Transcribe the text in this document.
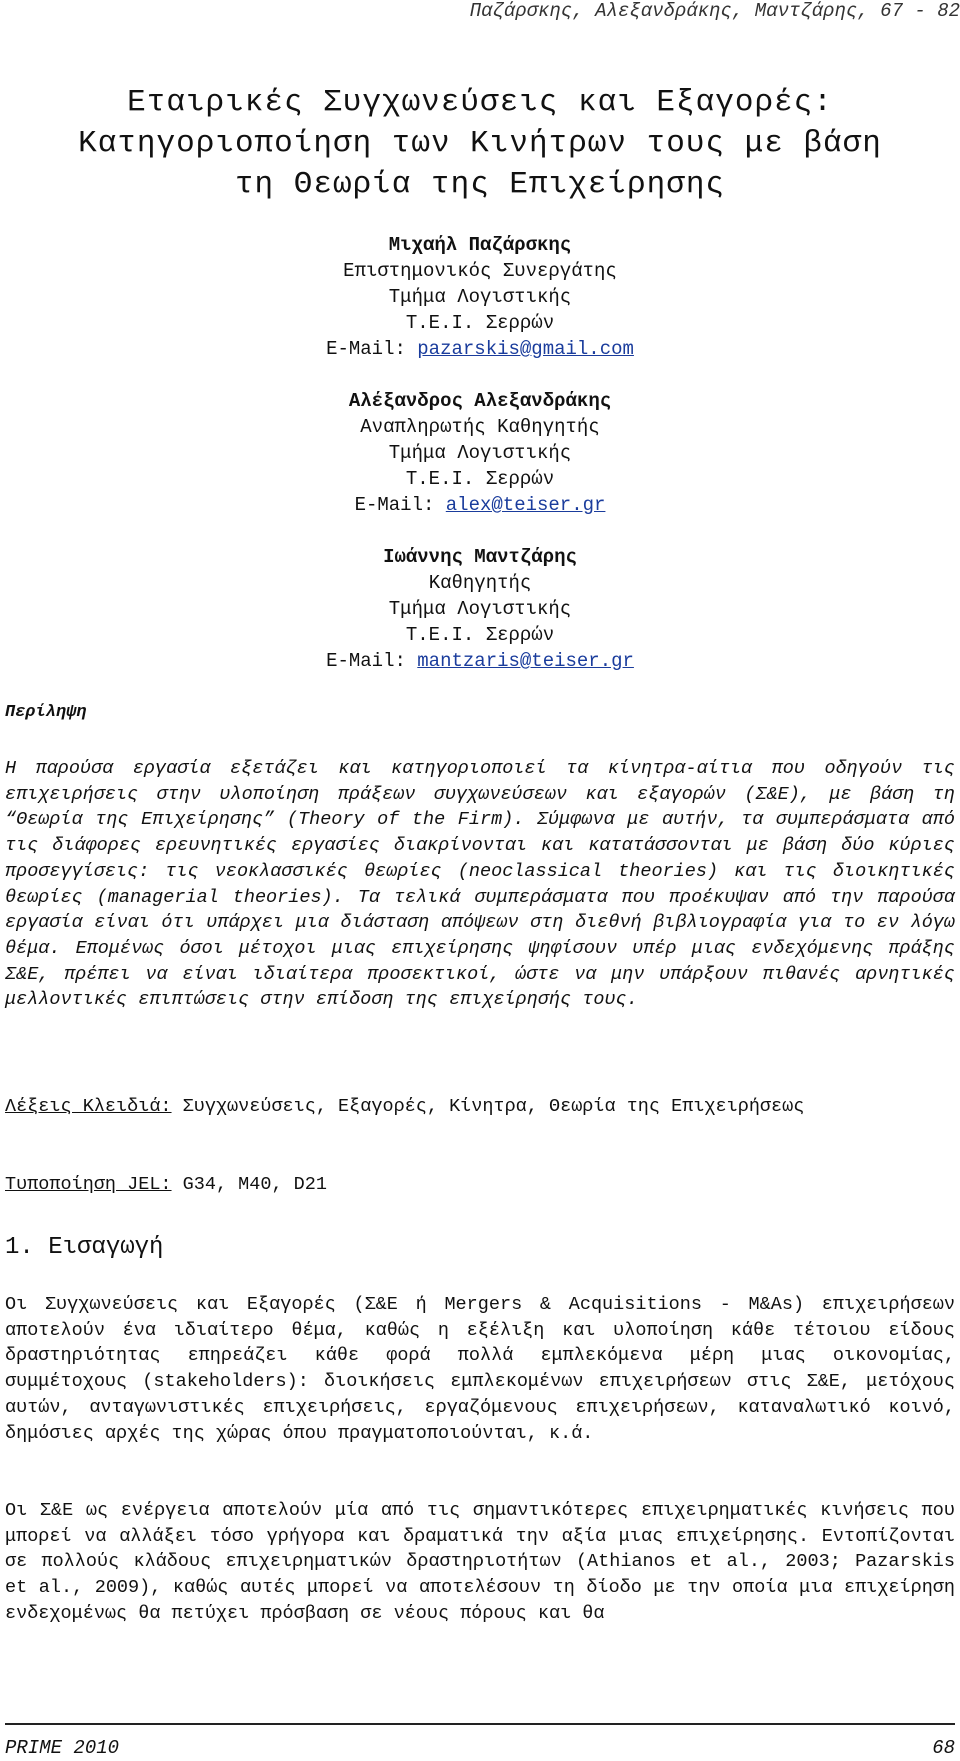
Παζάρσκης, Αλεξανδράκης, Μαντζάρης, 67 - 82
Εταιρικές Συγχωνεύσεις και Εξαγορές:
Κατηγοριοποίηση των Κινήτρων τους με βάση
τη Θεωρία της Επιχείρησης
Μιχαήλ Παζάρσκης
Επιστημονικός Συνεργάτης
Τμήμα Λογιστικής
Τ.Ε.Ι. Σερρών
E-Mail: pazarskis@gmail.com
Αλέξανδρος Αλεξανδράκης
Αναπληρωτής Καθηγητής
Τμήμα Λογιστικής
Τ.Ε.Ι. Σερρών
E-Mail: alex@teiser.gr
Ιωάννης Μαντζάρης
Καθηγητής
Τμήμα Λογιστικής
Τ.Ε.Ι. Σερρών
E-Mail: mantzaris@teiser.gr
Περίληψη
Η παρούσα εργασία εξετάζει και κατηγοριοποιεί τα κίνητρα-αίτια που οδηγούν τις επιχειρήσεις στην υλοποίηση πράξεων συγχωνεύσεων και εξαγορών (Σ&Ε), με βάση τη “Θεωρία της Επιχείρησης” (Theory of the Firm). Σύμφωνα με αυτήν, τα συμπεράσματα από τις διάφορες ερευνητικές εργασίες διακρίνονται και κατατάσσονται με βάση δύο κύριες προσεγγίσεις: τις νεοκλασσικές θεωρίες (neoclassical theories) και τις διοικητικές θεωρίες (managerial theories). Τα τελικά συμπεράσματα που προέκυψαν από την παρούσα εργασία είναι ότι υπάρχει μια διάσταση απόψεων στη διεθνή βιβλιογραφία για το εν λόγω θέμα. Επομένως όσοι μέτοχοι μιας επιχείρησης ψηφίσουν υπέρ μιας ενδεχόμενης πράξης Σ&Ε, πρέπει να είναι ιδιαίτερα προσεκτικοί, ώστε να μην υπάρξουν πιθανές αρνητικές μελλοντικές επιπτώσεις στην επίδοση της επιχείρησής τους.
Λέξεις Κλειδιά: Συγχωνεύσεις, Εξαγορές, Κίνητρα, Θεωρία της Επιχειρήσεως
Τυποποίηση JEL: G34, M40, D21
1. Εισαγωγή
Οι Συγχωνεύσεις και Εξαγορές (Σ&Ε ή Mergers & Acquisitions - M&As) επιχειρήσεων αποτελούν ένα ιδιαίτερο θέμα, καθώς η εξέλιξη και υλοποίηση κάθε τέτοιου είδους δραστηριότητας επηρεάζει κάθε φορά πολλά εμπλεκόμενα μέρη μιας οικονομίας, συμμέτοχους (stakeholders): διοικήσεις εμπλεκομένων επιχειρήσεων στις Σ&Ε, μετόχους αυτών, ανταγωνιστικές επιχειρήσεις, εργαζόμενους επιχειρήσεων, καταναλωτικό κοινό, δημόσιες αρχές της χώρας όπου πραγματοποιούνται, κ.ά.
Οι Σ&Ε ως ενέργεια αποτελούν μία από τις σημαντικότερες επιχειρηματικές κινήσεις που μπορεί να αλλάξει τόσο γρήγορα και δραματικά την αξία μιας επιχείρησης. Εντοπίζονται σε πολλούς κλάδους επιχειρηματικών δραστηριοτήτων (Athianos et al., 2003; Pazarskis et al., 2009), καθώς αυτές μπορεί να αποτελέσουν τη δίοδο με την οποία μια επιχείρηση ενδεχομένως θα πετύχει πρόσβαση σε νέους πόρους και θα
PRIME 2010	68
